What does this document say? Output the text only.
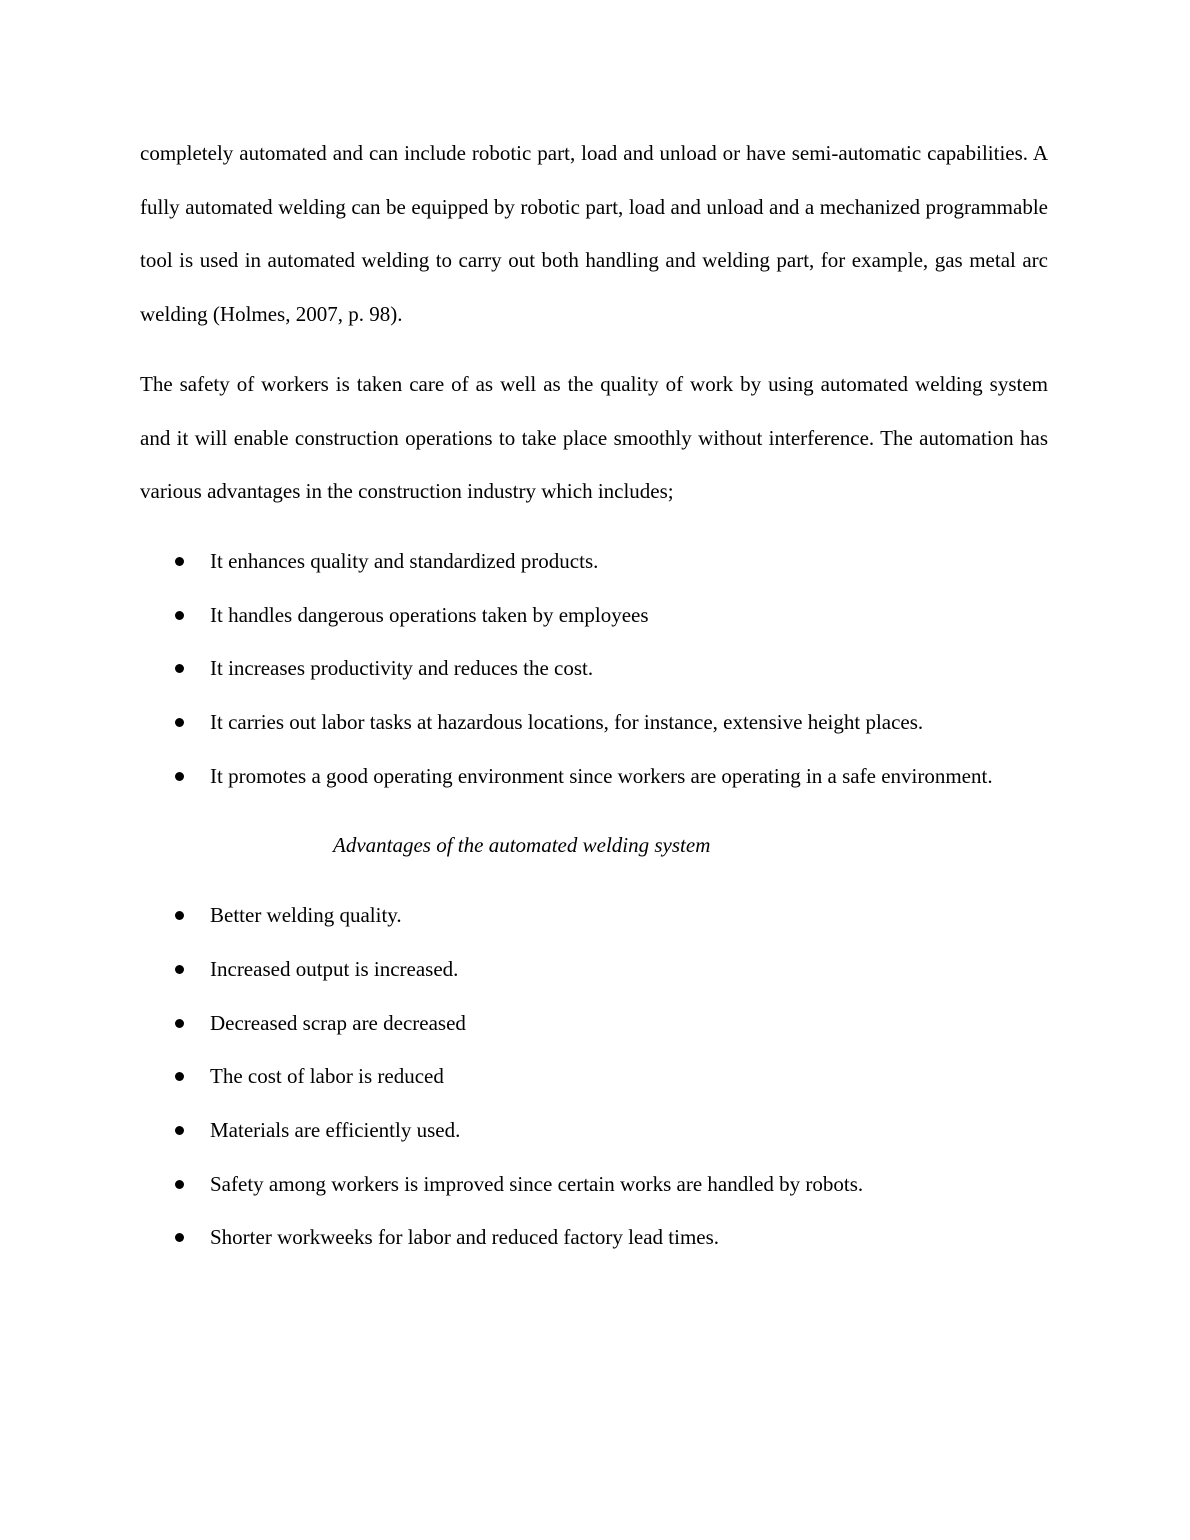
completely automated and can include robotic part, load and unload or have semi-automatic capabilities. A fully automated welding can be equipped by robotic part, load and unload and a mechanized programmable tool is used in automated welding to carry out both handling and welding part, for example, gas metal arc welding (Holmes, 2007, p. 98).

The safety of workers is taken care of as well as the quality of work by using automated welding system and it will enable construction operations to take place smoothly without interference. The automation has various advantages in the construction industry which includes;

It enhances quality and standardized products.
It handles dangerous operations taken by employees
It increases productivity and reduces the cost.
It carries out labor tasks at hazardous locations, for instance, extensive height places.
It promotes a good operating environment since workers are operating in a safe environment.

Advantages of the automated welding system

Better welding quality.
Increased output is increased.
Decreased scrap are decreased
The cost of labor is reduced
Materials are efficiently used.
Safety among workers is improved since certain works are handled by robots.
Shorter workweeks for labor and reduced factory lead times.
